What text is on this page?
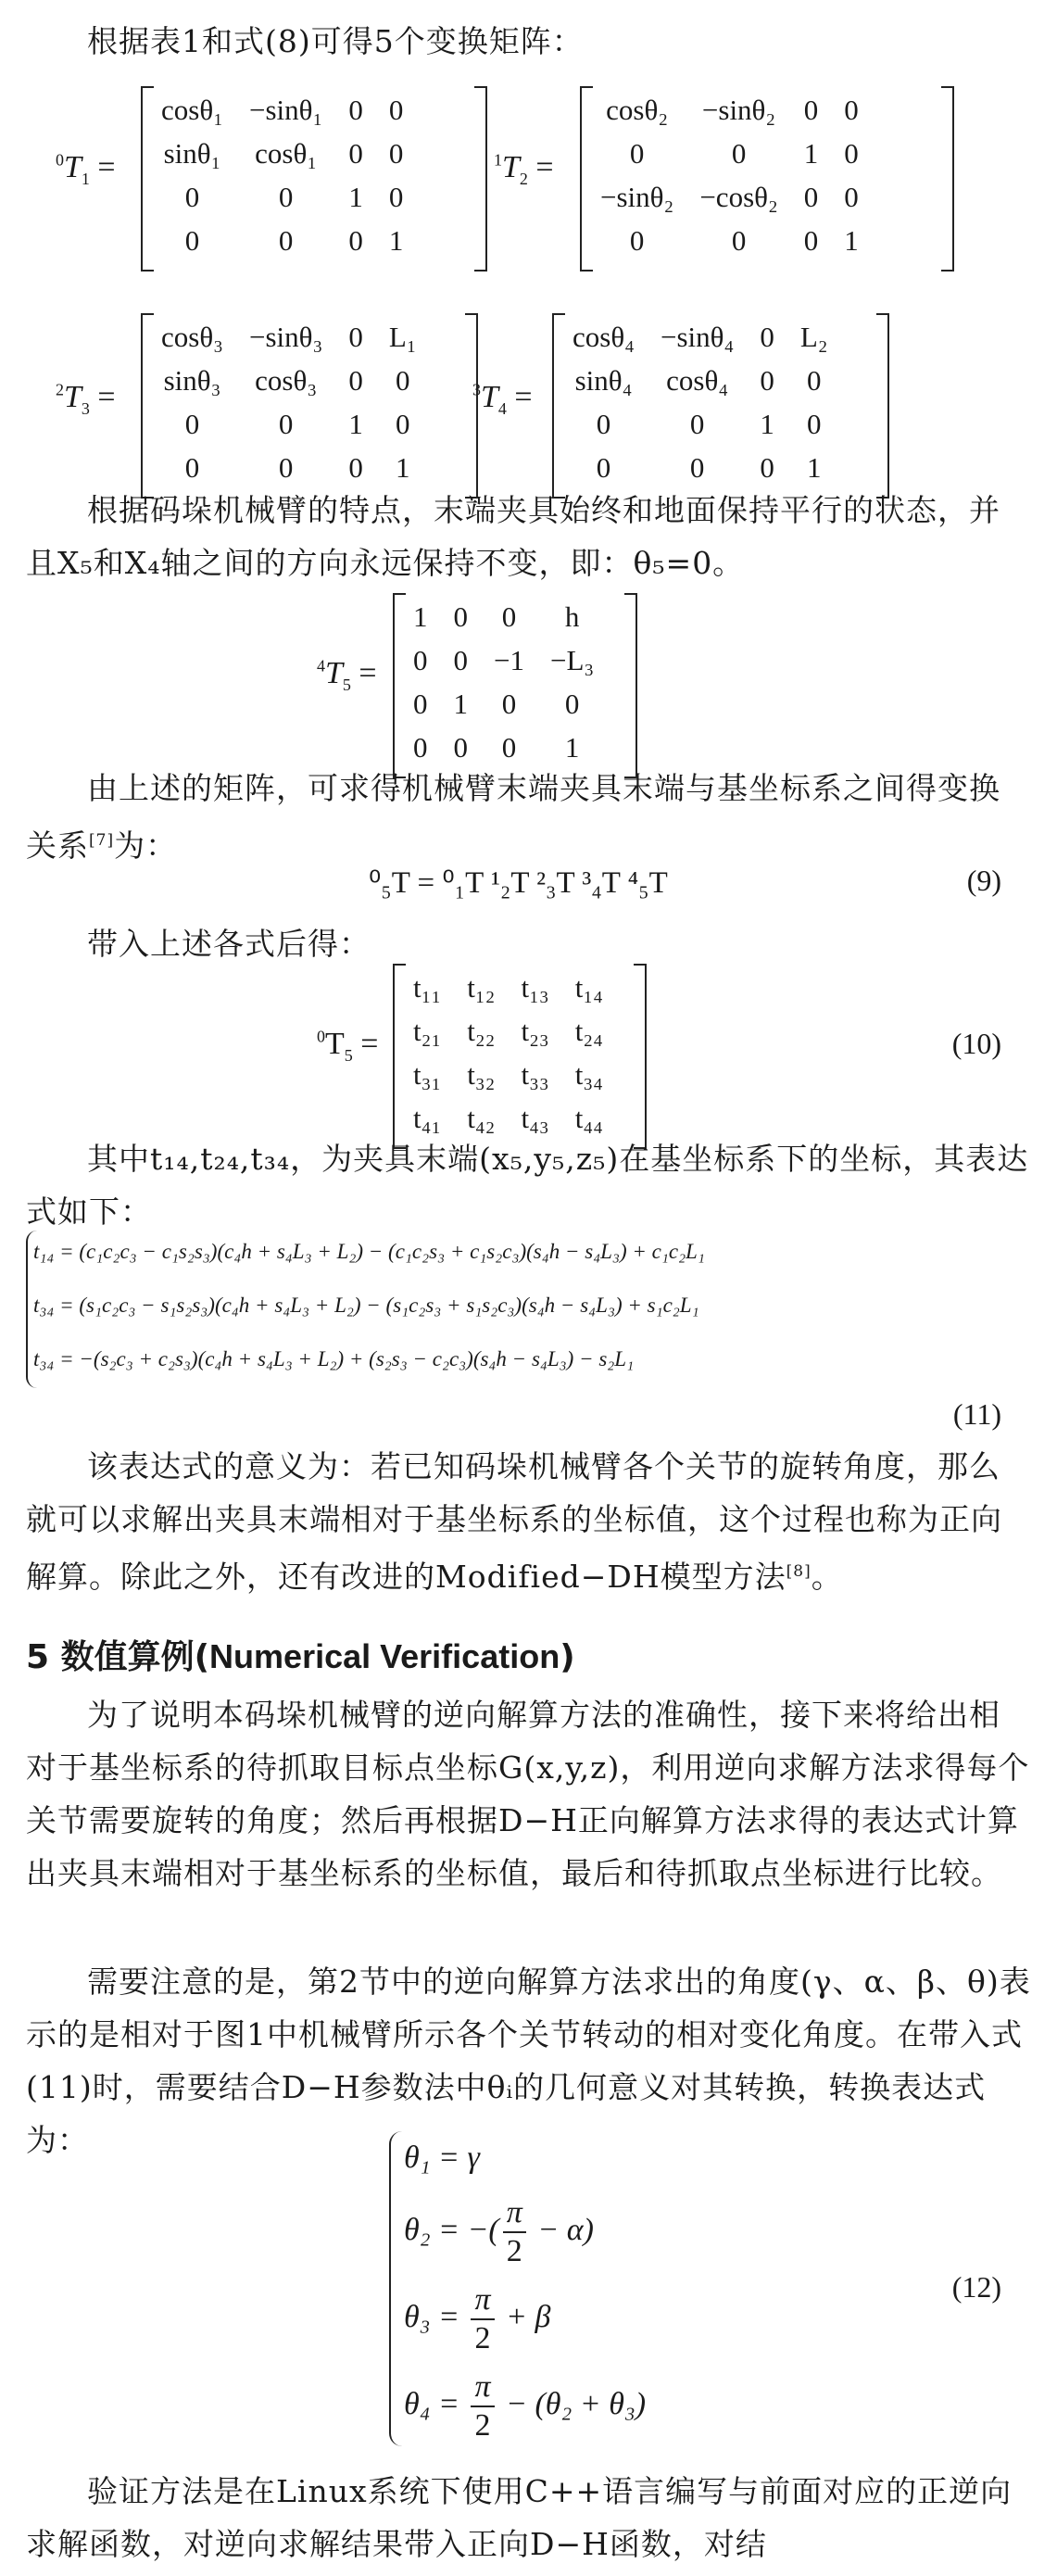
根据表1和式(8)可得5个变换矩阵：
$^0T_1$ =
cosθ₁	−sinθ₁	0	0
sinθ₁	cosθ₁	0	0
0	0	1	0
0	0	0	1
$^1T_2$ =
cosθ₂	−sinθ₂	0	0
0	0	1	0
−sinθ₂	−cosθ₂	0	0
0	0	0	1
$^2T_3$ =
cosθ₃	−sinθ₃	0	L₁
sinθ₃	cosθ₃	0	0
0	0	1	0
0	0	0	1
$^3T_4$ =
cosθ₄	−sinθ₄	0	L₂
sinθ₄	cosθ₄	0	0
0	0	1	0
0	0	0	1
根据码垛机械臂的特点，末端夹具始终和地面保持平行的状态，并且X₅和X₄轴之间的方向永远保持不变，即：θ₅=0。
$^4T_5$ =
1	0	0	h
0	0	−1	−L₃
0	1	0	0
0	0	0	1
由上述的矩阵，可求得机械臂末端夹具末端与基坐标系之间得变换关系[7]为：
⁰₅T = ⁰₁T ¹₂T ²₃T ³₄T ⁴₅T	(9)
带入上述各式后得：
$^0T_5$ =
t₁₁	t₁₂	t₁₃	t₁₄
t₂₁	t₂₂	t₂₃	t₂₄
t₃₁	t₃₂	t₃₃	t₃₄
t₄₁	t₄₂	t₄₃	t₄₄
(10)
其中t₁₄,t₂₄,t₃₄，为夹具末端(x₅,y₅,z₅)在基坐标系下的坐标，其表达式如下：
t₁₄ = (c₁c₂c₃ − c₁s₂s₃)(c₄h + s₄L₃ + L₂) − (c₁c₂s₃ + c₁s₂c₃)(s₄h − s₄L₃) + c₁c₂L₁
t₃₄ = (s₁c₂c₃ − s₁s₂s₃)(c₄h + s₄L₃ + L₂) − (s₁c₂s₃ + s₁s₂c₃)(s₄h − s₄L₃) + s₁c₂L₁
t₃₄ = −(s₂c₃ + c₂s₃)(c₄h + s₄L₃ + L₂) + (s₂s₃ − c₂c₃)(s₄h − s₄L₃) − s₂L₁
(11)
该表达式的意义为：若已知码垛机械臂各个关节的旋转角度，那么就可以求解出夹具末端相对于基坐标系的坐标值，这个过程也称为正向解算。除此之外，还有改进的Modified−DH模型方法[8]。
5 数值算例(Numerical Verification)
为了说明本码垛机械臂的逆向解算方法的准确性，接下来将给出相对于基坐标系的待抓取目标点坐标G(x,y,z)，利用逆向求解方法求得每个关节需要旋转的角度；然后再根据D−H正向解算方法求得的表达式计算出夹具末端相对于基坐标系的坐标值，最后和待抓取点坐标进行比较。
需要注意的是，第2节中的逆向解算方法求出的角度(γ、α、β、θ)表示的是相对于图1中机械臂所示各个关节转动的相对变化角度。在带入式(11)时，需要结合D−H参数法中θᵢ的几何意义对其转换，转换表达式为：	θ₁ = γ
θ₂ = −( $\frac{\pi}{2} - \alpha$)
$\theta_3 = \frac{\pi}{2} + \beta$
$\theta_4 = \frac{\pi}{2} - (\theta_2 + \theta_3)$
(12)
验证方法是在Linux系统下使用C++语言编写与前面对应的正逆向求解函数，对逆向求解结果带入正向D−H函数，对结
